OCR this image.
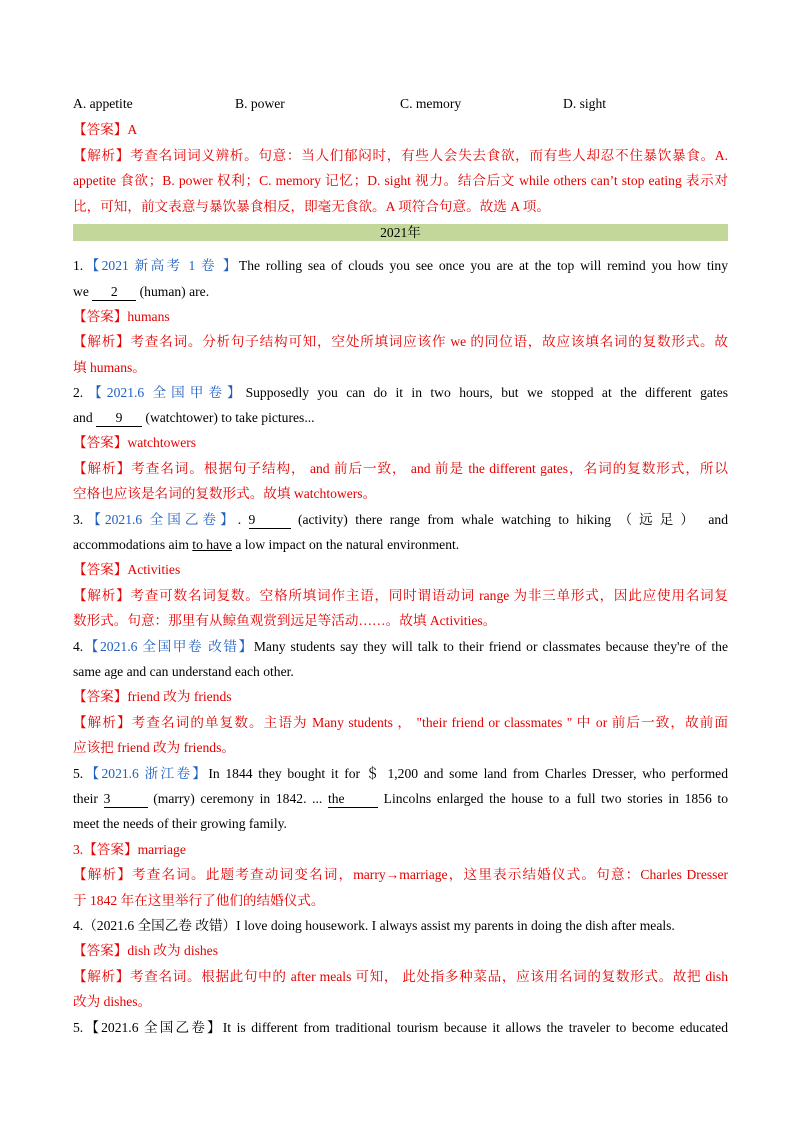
A. appetite	B. power	C. memory	D. sight
【答案】A
【解析】考查名词词义辨析。句意：当人们郁闷时，有些人会失去食欲，而有些人却忍不住暴饮暴食。A.
appetite 食欲；B. power 权利；C. memory 记忆；D. sight 视力。结合后文 while others can’t stop eating 表示对
比，可知，前文表意与暴饮暴食相反，即毫无食欲。A 项符合句意。故选 A 项。
2021年
1.【2021 新高考 1 卷 】The rolling sea of clouds you see once you are at the top will remind you how tiny
we 2 (human) are.
【答案】humans
【解析】考查名词。分析句子结构可知，空处所填词应该作 we 的同位语，故应该填名词的复数形式。故
填 humans。
2.【2021.6 全国甲卷】Supposedly you can do it in two hours, but we stopped at the different gates
and 9 (watchtower) to take pictures...
【答案】watchtowers
【解析】考查名词。根据句子结构， and 前后一致， and 前是 the different gates，名词的复数形式，所以
空格也应该是名词的复数形式。故填 watchtowers。
3.【2021.6 全国乙卷】. 9	(activity) there range from whale watching to hiking （远足） and
accommodations aim to have a low impact on the natural environment.
【答案】Activities
【解析】考查可数名词复数。空格所填词作主语，同时谓语动词 range 为非三单形式，因此应使用名词复
数形式。句意：那里有从鲸鱼观赏到远足等活动……。故填 Activities。
4.【2021.6 全国甲卷 改错】Many students say they will talk to their friend or classmates because they're of the
same age and can understand each other.
【答案】friend 改为 friends
【解析】考查名词的单复数。主语为 Many students ， "their friend or classmates " 中 or 前后一致，故前面
应该把 friend 改为 friends。
5.【2021.6 浙江卷】In 1844 they bought it for ＄ 1,200 and some land from Charles Dresser, who performed
their 3	(marry) ceremony in 1842. ... the Lincolns enlarged the house to a full two stories in 1856 to
meet the needs of their growing family.
3.【答案】marriage
【解析】考查名词。此题考查动词变名词，marry→marriage，这里表示结婚仪式。句意：Charles Dresser
于 1842 年在这里举行了他们的结婚仪式。
4.（2021.6 全国乙卷 改错）I love doing housework. I always assist my parents in doing the dish after meals.
【答案】dish 改为 dishes
【解析】考查名词。根据此句中的 after meals 可知， 此处指多种菜品，应该用名词的复数形式。故把 dish
改为 dishes。
5.【2021.6 全国乙卷】It is different from traditional tourism because it allows the traveler to become educated
